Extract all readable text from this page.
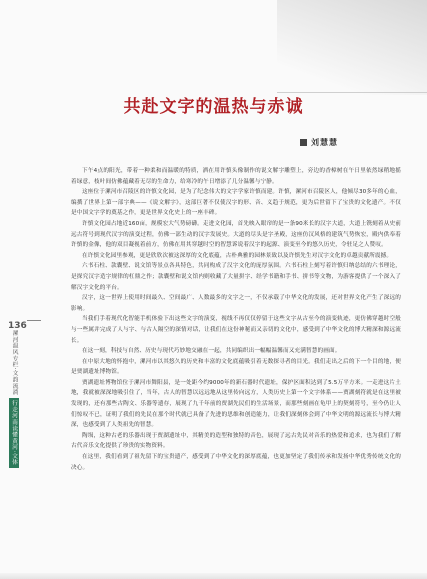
共赴文字的温热与赤诚
刘慧慧

下午4点的阳光，带着一种柔和而温暖的特质，洒在用许慎头像制作的说文解字雕塑上，旁边的香樟树在午日里依然绿稍地摇着绿意，枝叶间仿佛蕴藏着无尽的生命力，给寒冷的午日增添了几分温馨与宁静。

这座位于漯河市召陵区的许慎文化园，是为了纪念伟大的文字学家许慎而建。许慎，漯河市召陵区人，他倾尽30多年的心血，编撰了世界上第一部字典——《说文解字》，这部巨著不仅使汉字的形、音、义趋于规范，更为后世留下了宝贵的文化遗产。不仅是中国文字学的奠基之作，更是世界文化史上的一座丰碑。

许慎文化园占地近160亩，规模宏大气势磅礴。走进文化园，首先映入眼帘的是一条90米长的汉字大道，大道上镌刻着从史前远古符号到现代汉字的演变过程，仿佛一部生动的汉字发展史。大道的尽头是字圣殿，这座仿汉风格的建筑气势恢宏，殿内供奉着许慎的金像，他的双目凝视着前方，仿佛在用其穿越时空的智慧诉说着汉字的起源、演变至今的悠久历史，令驻足之人赞叹。

在许慎文化园里参观，更是欣欣次被这深厚的文化底蕴，古朴典雅的园林景致以及许慎先生对汉字文化的卓越贡献所震撼。

六书石柱、款囊壁、说文馆等景点各具特色，共同构成了汉字文化的庞厚氛围。六书石柱上刻写着许慎归纳总结的六书理论，是探究汉字造字规律的杠鼎之作；款囊壁和说文馆内则收藏了大量拼字、经学书籍和手书、拼书等文物，为游客提供了一个深入了解汉字文化的平台。

汉字，这一世界上使用时间最久、空间最广、人数最多的文字之一，不仅承载了中华文化的发展，还对世界文化产生了深远的影响。

当我们手着现代化智能手机体验下出这些文字的演变，视线不再仅仅停留于这些文字从古至今的演变轨迹，更仿佛穿越时空般与一些属并完成了人与字、与古人隔空的深情对话，让我们在这份神秘而又亲切的文化中，感受到了中华文化的博大精深和源远流长。

在这一刻，科技与自然、历史与现代巧妙地交融在一起，共同编织出一幅幅温馨而又充满智慧的画面。

在中原大地的怀抱中，漯河市以其悠久的历史和丰富的文化底蕴吸引着无数探寻者的目光。我们走出之后的下一个目的地，便是贾湖遗址博物馆。

贾湖遗址博物馆位于漯河市舞阳县，是一处距今约9000年的新石器时代遗址，保护区面积达到了5.5万平方米。一走进这片土地，我就被深深地吸引住了，当年，古人的智慧以远远地从这里传向远方，人类历史上第一个文字体系——贾湖刻符就是在这里被发现的，还有那些古陶文、乐器等遗存，展现了九千年前的贾湖先民们的生活场景，而那些刻画在龟甲上的契刻符号，至今仍让人们惊叹不已，证明了我们的先民在那个时代就已具备了先进的思维和创造能力，让我们深刻体会到了中华文明的源远流长与博大精深，也感受到了人类祖先的智慧。

陶埙，这种古老的乐器出现于贾湖遗址中，其精美的造型和独特的音色，展现了远古先民对音乐的热爱和追求，也为我们了解古代音乐文化提供了珍贵的实物资料。

在这里，我们看到了祖先留下的宝贵遗产，感受到了中华文化的深厚底蕴，也更加坚定了我们传承和发扬中华优秀传统文化的决心。

136
漯河温风专栏·文韵流淌
行走河南读懂黄河·文体
